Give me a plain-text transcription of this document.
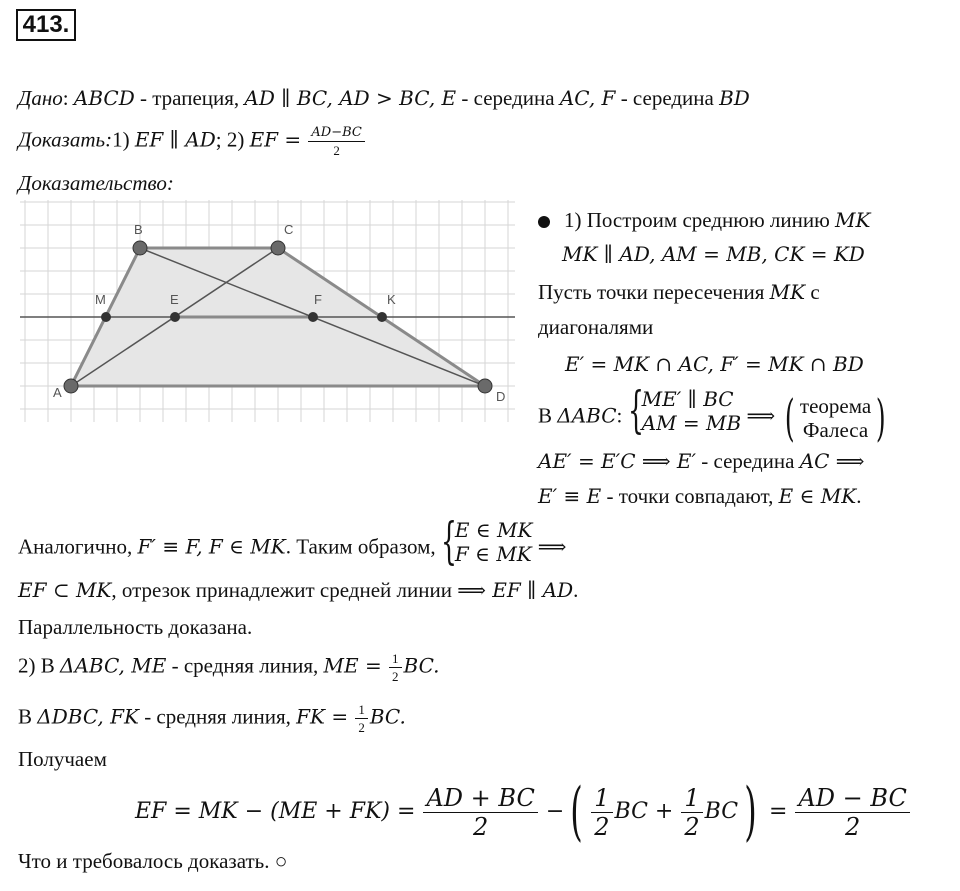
413.
Дано: ABCD - трапеция, AD ∥ BC, AD > BC, E - середина AC, F - середина BD
Доказать:1) EF ∥ AD; 2) EF = $\frac{AD-BC}{2}$
Доказательство:
A
B	C
D
M	E	F	K
1) Построим среднюю линию MK
MK ∥ AD, AM = MB, CK = KD
Пусть точки пересечения MK с
диагоналями
E′ = MK ∩ AC, F′ = MK ∩ BD
В ΔABC: {
ME′ ∥ BC
AM = MB ⟹ ( теорема
Фалеса )
AE′ = E′C ⟹ E′ - середина AC ⟹
E′ ≡ E - точки совпадают, E ∈ MK.
Аналогично, F′ ≡ F, F ∈ MK. Таким образом, {
E ∈ MK
F ∈ MK ⟹
EF ⊂ MK, отрезок принадлежит средней линии ⟹ EF ∥ AD.
Параллельность доказана.
2) В ΔABC, ME - средняя линия, ME = $\frac{1}{2}$ BC.
В ΔDBC, FK - средняя линия, FK = $\frac{1}{2}$ BC.
Получаем
EF = MK − $(ME + FK) = \frac{AD + BC}{2}$ −( $\frac{1}{2}$ BC + $\frac{1}{2} BC) = \frac{AD - BC}{2}$
Что и требовалось доказать. ○
